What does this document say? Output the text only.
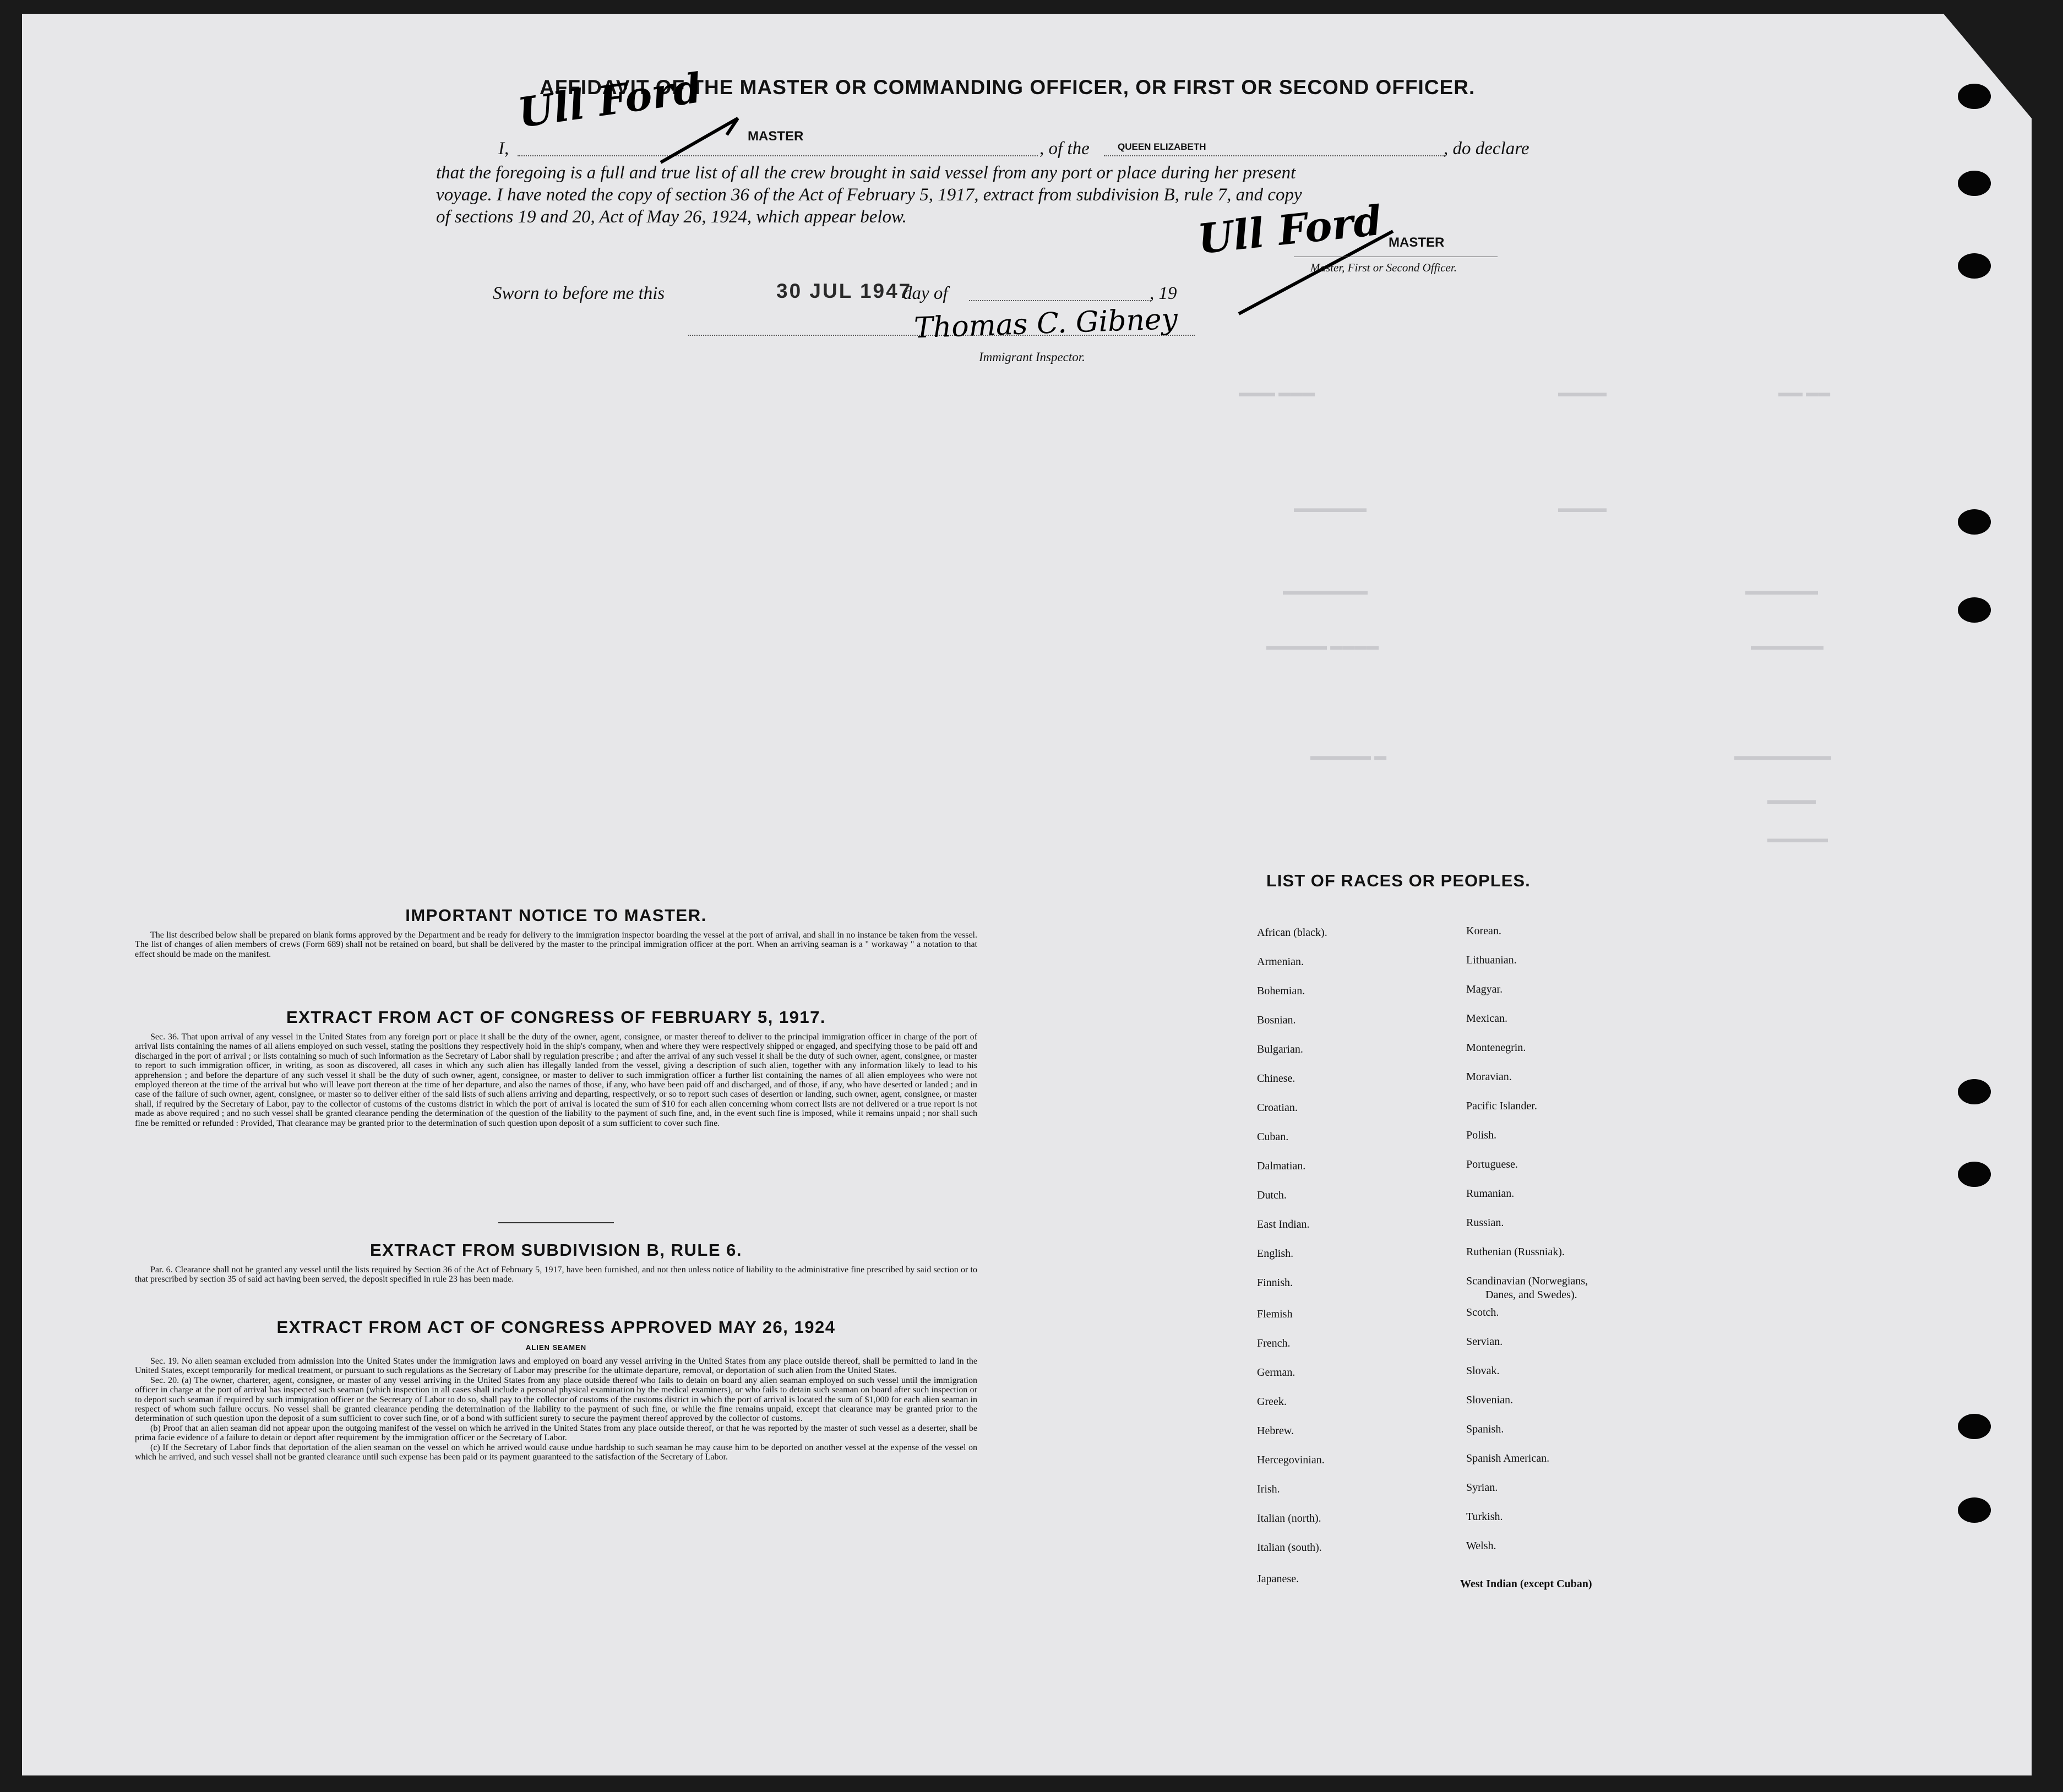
▬▬▬ ▬▬▬	▬▬▬▬	▬▬ ▬▬
▬▬▬▬▬▬	▬▬▬▬
▬▬▬▬▬▬▬	▬▬▬▬▬▬
▬▬▬▬▬ ▬▬▬▬	▬▬▬▬▬▬
▬▬▬▬▬ ▬	▬▬▬▬▬▬▬▬
▬▬▬▬
▬▬▬▬▬
AFFIDAVIT OF THE MASTER OR COMMANDING OFFICER, OR FIRST OR SECOND OFFICER.
I,
MASTER
, of the	QUEEN ELIZABETH	, do declare
that the foregoing is a full and true list of all the crew brought in said vessel from any port or place during her present
voyage. I have noted the copy of section 36 of the Act of February 5, 1917, extract from subdivision B, rule 7, and copy
of sections 19 and 20, Act of May 26, 1924, which appear below.
Ull Ford
Ull Ford MASTER
Master, First or Second Officer.
Sworn to before me this	30 JUL 1947
day of	, 19
Thomas C. Gibney
Immigrant Inspector.
IMPORTANT NOTICE TO MASTER.

The list described below shall be prepared on blank forms approved by the Department and be ready for delivery to the immigration inspector boarding the vessel at the port of arrival, and shall in no instance be taken from the vessel. The list of changes of alien members of crews (Form 689) shall not be retained on board, but shall be delivered by the master to the principal immigration officer at the port. When an arriving seaman is a " workaway " a notation to that effect should be made on the manifest.

EXTRACT FROM ACT OF CONGRESS OF FEBRUARY 5, 1917.

Sec. 36. That upon arrival of any vessel in the United States from any foreign port or place it shall be the duty of the owner, agent, consignee, or master thereof to deliver to the principal immigration officer in charge of the port of arrival lists containing the names of all aliens employed on such vessel, stating the positions they respectively hold in the ship's company, when and where they were respectively shipped or engaged, and specifying those to be paid off and discharged in the port of arrival ; or lists containing so much of such information as the Secretary of Labor shall by regulation prescribe ; and after the arrival of any such vessel it shall be the duty of such owner, agent, consignee, or master to report to such immigration officer, in writing, as soon as discovered, all cases in which any such alien has illegally landed from the vessel, giving a description of such alien, together with any information likely to lead to his apprehension ; and before the departure of any such vessel it shall be the duty of such owner, agent, consignee, or master to deliver to such immigration officer a further list containing the names of all alien employees who were not employed thereon at the time of the arrival but who will leave port thereon at the time of her departure, and also the names of those, if any, who have been paid off and discharged, and of those, if any, who have deserted or landed ; and in case of the failure of such owner, agent, consignee, or master so to deliver either of the said lists of such aliens arriving and departing, respectively, or so to report such cases of desertion or landing, such owner, agent, consignee, or master shall, if required by the Secretary of Labor, pay to the collector of customs of the customs district in which the port of arrival is located the sum of $10 for each alien concerning whom correct lists are not delivered or a true report is not made as above required ; and no such vessel shall be granted clearance pending the determination of the question of the liability to the payment of such fine, and, in the event such fine is imposed, while it remains unpaid ; nor shall such fine be remitted or refunded : Provided, That clearance may be granted prior to the determination of such question upon deposit of a sum sufficient to cover such fine.

EXTRACT FROM SUBDIVISION B, RULE 6.

Par. 6. Clearance shall not be granted any vessel until the lists required by Section 36 of the Act of February 5, 1917, have been furnished, and not then unless notice of liability to the administrative fine prescribed by said section or to that prescribed by section 35 of said act having been served, the deposit specified in rule 23 has been made.

EXTRACT FROM ACT OF CONGRESS APPROVED MAY 26, 1924
ALIEN SEAMEN

Sec. 19. No alien seaman excluded from admission into the United States under the immigration laws and employed on board any vessel arriving in the United States from any place outside thereof, shall be permitted to land in the United States, except temporarily for medical treatment, or pursuant to such regulations as the Secretary of Labor may prescribe for the ultimate departure, removal, or deportation of such alien from the United States.

Sec. 20. (a) The owner, charterer, agent, consignee, or master of any vessel arriving in the United States from any place outside thereof who fails to detain on board any alien seaman employed on such vessel until the immigration officer in charge at the port of arrival has inspected such seaman (which inspection in all cases shall include a personal physical examination by the medical examiners), or who fails to detain such seaman on board after such inspection or to deport such seaman if required by such immigration officer or the Secretary of Labor to do so, shall pay to the collector of customs of the customs district in which the port of arrival is located the sum of $1,000 for each alien seaman in respect of whom such failure occurs. No vessel shall be granted clearance pending the determination of the liability to the payment of such fine, or while the fine remains unpaid, except that clearance may be granted prior to the determination of such question upon the deposit of a sum sufficient to cover such fine, or of a bond with sufficient surety to secure the payment thereof approved by the collector of customs.

(b) Proof that an alien seaman did not appear upon the outgoing manifest of the vessel on which he arrived in the United States from any place outside thereof, or that he was reported by the master of such vessel as a deserter, shall be prima facie evidence of a failure to detain or deport after requirement by the immigration officer or the Secretary of Labor.

(c) If the Secretary of Labor finds that deportation of the alien seaman on the vessel on which he arrived would cause undue hardship to such seaman he may cause him to be deported on another vessel at the expense of the vessel on which he arrived, and such vessel shall not be granted clearance until such expense has been paid or its payment guaranteed to the satisfaction of the Secretary of Labor.

LIST OF RACES OR PEOPLES.
African (black).
Armenian.
Bohemian.
Bosnian.
Bulgarian.
Chinese.
Croatian.
Cuban.
Dalmatian.
Dutch.
East Indian.
English.
Finnish.
Flemish
French.
German.
Greek.
Hebrew.
Hercegovinian.
Irish.
Italian (north).
Italian (south).
Japanese.
Korean.
Lithuanian.
Magyar.
Mexican.
Montenegrin.
Moravian.
Pacific Islander.
Polish.
Portuguese.
Rumanian.
Russian.
Ruthenian (Russniak).
Scandinavian (Norwegians,
Danes, and Swedes).
Scotch.
Servian.
Slovak.
Slovenian.
Spanish.
Spanish American.
Syrian.
Turkish.
Welsh.
West Indian (except Cuban)
